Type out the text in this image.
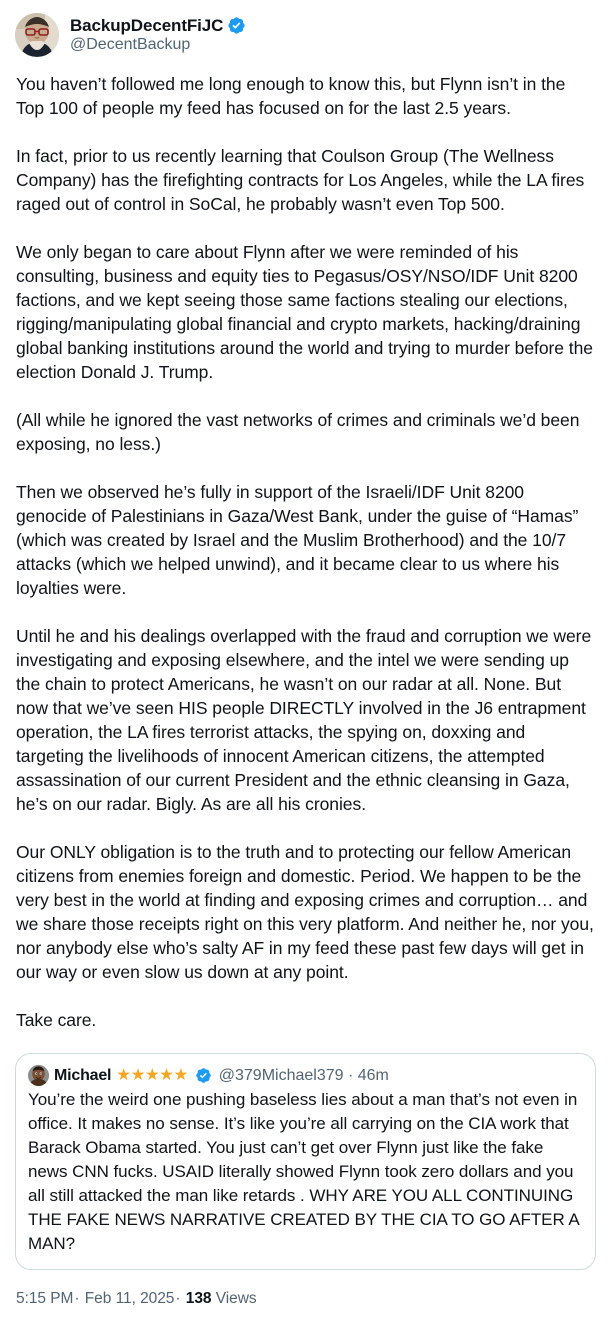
BackupDecentFiJC
@DecentBackup

You haven’t followed me long enough to know this, but Flynn isn’t in the Top 100 of people my feed has focused on for the last 2.5 years.

In fact, prior to us recently learning that Coulson Group (The Wellness Company) has the firefighting contracts for Los Angeles, while the LA fires raged out of control in SoCal, he probably wasn’t even Top 500.

We only began to care about Flynn after we were reminded of his consulting, business and equity ties to Pegasus/OSY/NSO/IDF Unit 8200 factions, and we kept seeing those same factions stealing our elections, rigging/manipulating global financial and crypto markets, hacking/draining global banking institutions around the world and trying to murder before the election Donald J. Trump.

(All while he ignored the vast networks of crimes and criminals we’d been exposing, no less.)

Then we observed he’s fully in support of the Israeli/IDF Unit 8200 genocide of Palestinians in Gaza/West Bank, under the guise of “Hamas” (which was created by Israel and the Muslim Brotherhood) and the 10/7 attacks (which we helped unwind), and it became clear to us where his loyalties were.

Until he and his dealings overlapped with the fraud and corruption we were investigating and exposing elsewhere, and the intel we were sending up the chain to protect Americans, he wasn’t on our radar at all. None. But now that we’ve seen HIS people DIRECTLY involved in the J6 entrapment operation, the LA fires terrorist attacks, the spying on, doxxing and targeting the livelihoods of innocent American citizens, the attempted assassination of our current President and the ethnic cleansing in Gaza, he’s on our radar. Bigly. As are all his cronies.

Our ONLY obligation is to the truth and to protecting our fellow American citizens from enemies foreign and domestic. Period. We happen to be the very best in the world at finding and exposing crimes and corruption… and we share those receipts right on this very platform. And neither he, nor you, nor anybody else who’s salty AF in my feed these past few days will get in our way or even slow us down at any point.

Take care.

Michael ★★★★★ @379Michael379 · 46m
You’re the weird one pushing baseless lies about a man that’s not even in office. It makes no sense. It’s like you’re all carrying on the CIA work that Barack Obama started. You just can’t get over Flynn just like the fake news CNN fucks. USAID literally showed Flynn took zero dollars and you all still attacked the man like retards . WHY ARE YOU ALL CONTINUING THE FAKE NEWS NARRATIVE CREATED BY THE CIA TO GO AFTER A MAN?
5:15 PM· Feb 11, 2025· 138 Views
